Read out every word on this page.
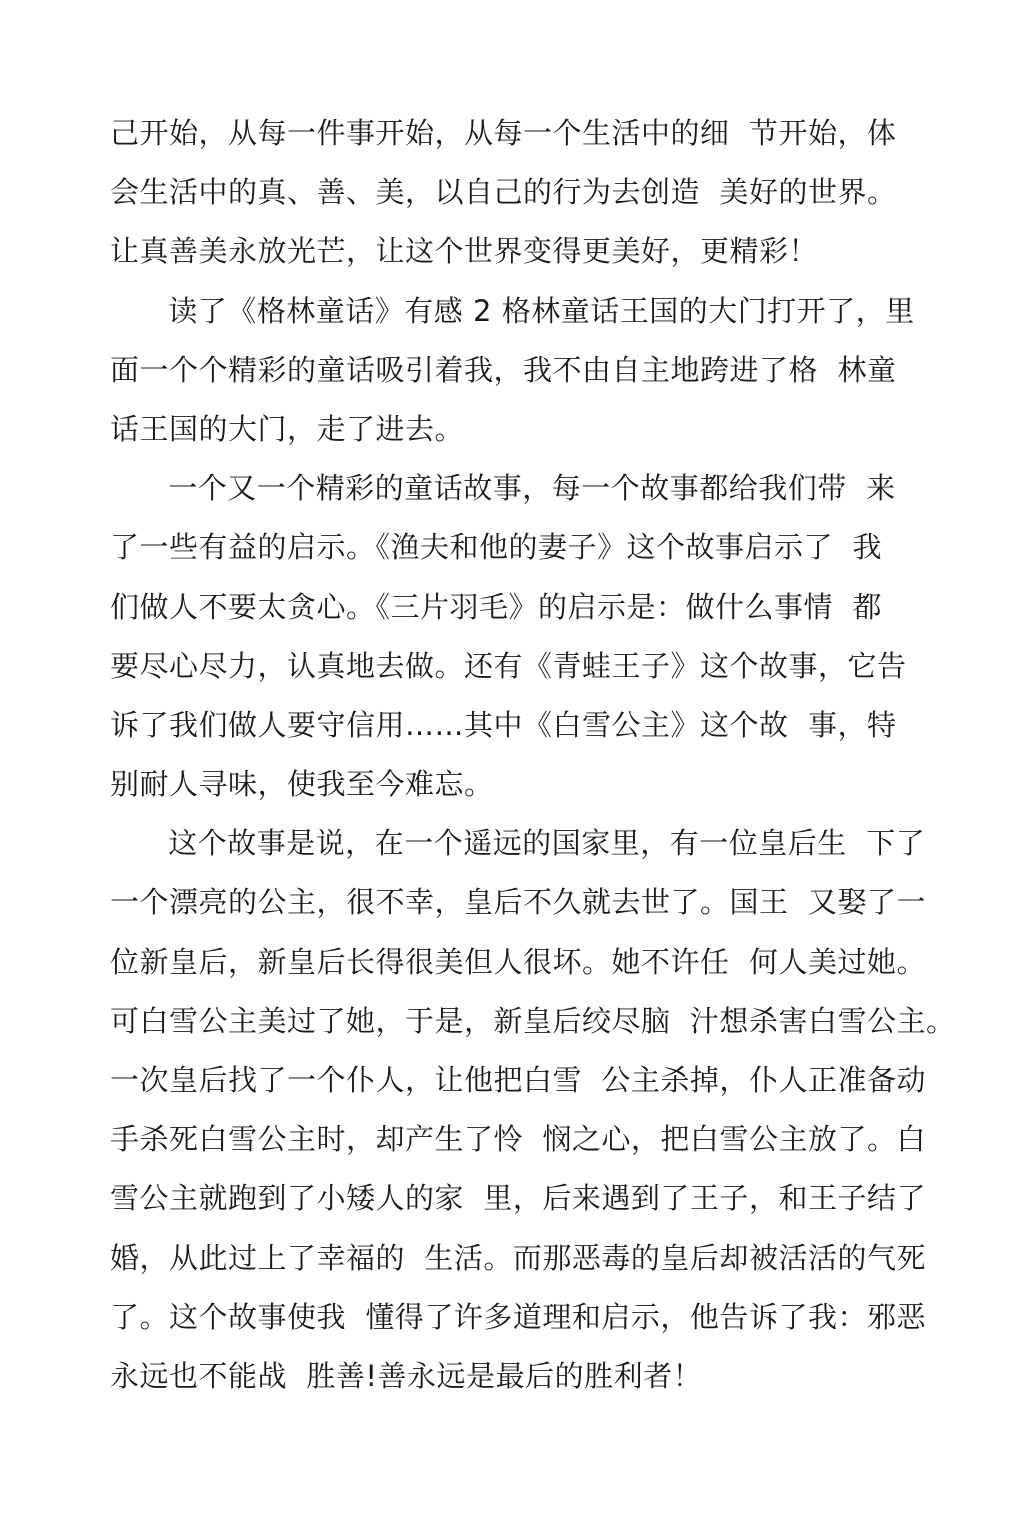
己开始，从每一件事开始，从每一个生活中的细  节开始，体
会生活中的真、善、美，以自己的行为去创造  美好的世界。
让真善美永放光芒，让这个世界变得更美好，更精彩！
读了《格林童话》有感 2 格林童话王国的大门打开了，里
面一个个精彩的童话吸引着我，我不由自主地跨进了格  林童
话王国的大门，走了进去。
一个又一个精彩的童话故事，每一个故事都给我们带  来
了一些有益的启示。《渔夫和他的妻子》这个故事启示了  我
们做人不要太贪心。《三片羽毛》的启示是：做什么事情  都
要尽心尽力，认真地去做。还有《青蛙王子》这个故事，它告
诉了我们做人要守信用……其中《白雪公主》这个故  事，特
别耐人寻味，使我至今难忘。
这个故事是说，在一个遥远的国家里，有一位皇后生  下了
一个漂亮的公主，很不幸，皇后不久就去世了。国王  又娶了一
位新皇后，新皇后长得很美但人很坏。她不许任  何人美过她。
可白雪公主美过了她，于是，新皇后绞尽脑  汁想杀害白雪公主。
一次皇后找了一个仆人，让他把白雪  公主杀掉，仆人正准备动
手杀死白雪公主时，却产生了怜  悯之心，把白雪公主放了。白
雪公主就跑到了小矮人的家  里，后来遇到了王子，和王子结了
婚，从此过上了幸福的  生活。而那恶毒的皇后却被活活的气死
了。这个故事使我  懂得了许多道理和启示，他告诉了我：邪恶
永远也不能战  胜善!善永远是最后的胜利者！
